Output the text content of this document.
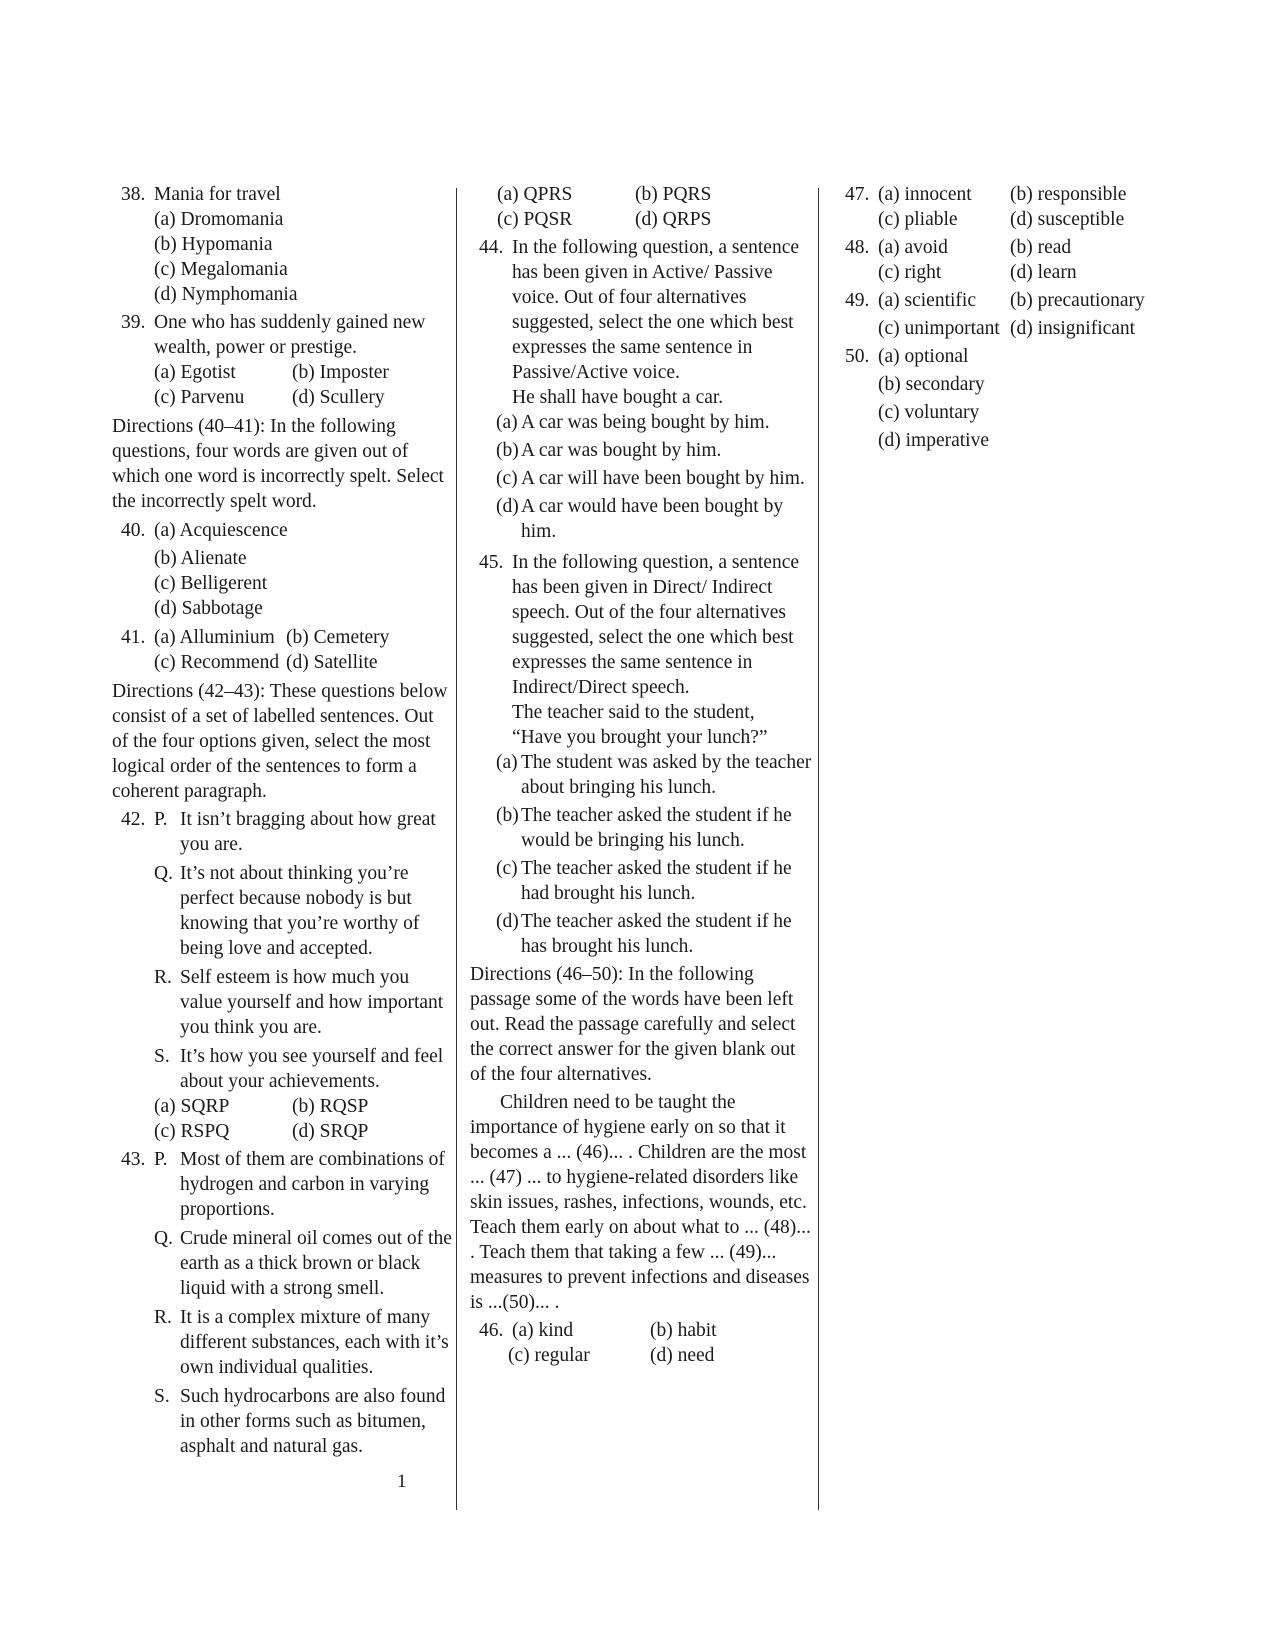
38. Mania for travel
(a) Dromomania
(b) Hypomania
(c) Megalomania
(d) Nymphomania
39. One who has suddenly gained new wealth, power or prestige.
(a) Egotist	(b) Imposter
(c) Parvenu	(d) Scullery
Directions (40–41): In the following questions, four words are given out of which one word is incorrectly spelt. Select the incorrectly spelt word.
40. (a) Acquiescence
(b) Alienate
(c) Belligerent
(d) Sabbotage
41. (a) Alluminium (b) Cemetery
(c) Recommend (d) Satellite
Directions (42–43): These questions below consist of a set of labelled sentences. Out of the four options given, select the most logical order of the sentences to form a coherent paragraph.
42. P. It isn’t bragging about how great you are.
Q. It’s not about thinking you’re perfect because nobody is but knowing that you’re worthy of being love and accepted.
R. Self esteem is how much you value yourself and how important you think you are.
S. It’s how you see yourself and feel about your achievements.
(a) SQRP	(b) RQSP
(c) RSPQ	(d) SRQP
43. P. Most of them are combinations of hydrogen and carbon in varying proportions.
Q. Crude mineral oil comes out of the earth as a thick brown or black liquid with a strong smell.
R. It is a complex mixture of many different substances, each with it’s own individual qualities.
S. Such hydrocarbons are also found in other forms such as bitumen, asphalt and natural gas.
(a) QPRS	(b) PQRS
(c) PQSR	(d) QRPS
44. In the following question, a sentence has been given in Active/ Passive voice. Out of four alternatives suggested, select the one which best expresses the same sentence in Passive/Active voice.
He shall have bought a car.
(a) A car was being bought by him.
(b) A car was bought by him.
(c) A car will have been bought by him.
(d) A car would have been bought by him.
45. In the following question, a sentence has been given in Direct/ Indirect speech. Out of the four alternatives suggested, select the one which best expresses the same sentence in Indirect/Direct speech.
The teacher said to the student,
“Have you brought your lunch?”
(a) The student was asked by the teacher about bringing his lunch.
(b) The teacher asked the student if he would be bringing his lunch.
(c) The teacher asked the student if he had brought his lunch.
(d) The teacher asked the student if he has brought his lunch.
Directions (46–50): In the following passage some of the words have been left out. Read the passage carefully and select the correct answer for the given blank out of the four alternatives.
Children need to be taught the importance of hygiene early on so that it becomes a ... (46)... . Children are the most ... (47) ... to hygiene-related disorders like skin issues, rashes, infections, wounds, etc. Teach them early on about what to ... (48)... . Teach them that taking a few ... (49)... measures to prevent infections and diseases is ...(50)... .
46. (a) kind	(b) habit
(c) regular	(d) need
47. (a) innocent	(b) responsible
(c) pliable	(d) susceptible
48. (a) avoid	(b) read
(c) right	(d) learn
49. (a) scientific	(b) precautionary
(c) unimportant (d) insignificant
50. (a) optional
(b) secondary
(c) voluntary
(d) imperative
1
